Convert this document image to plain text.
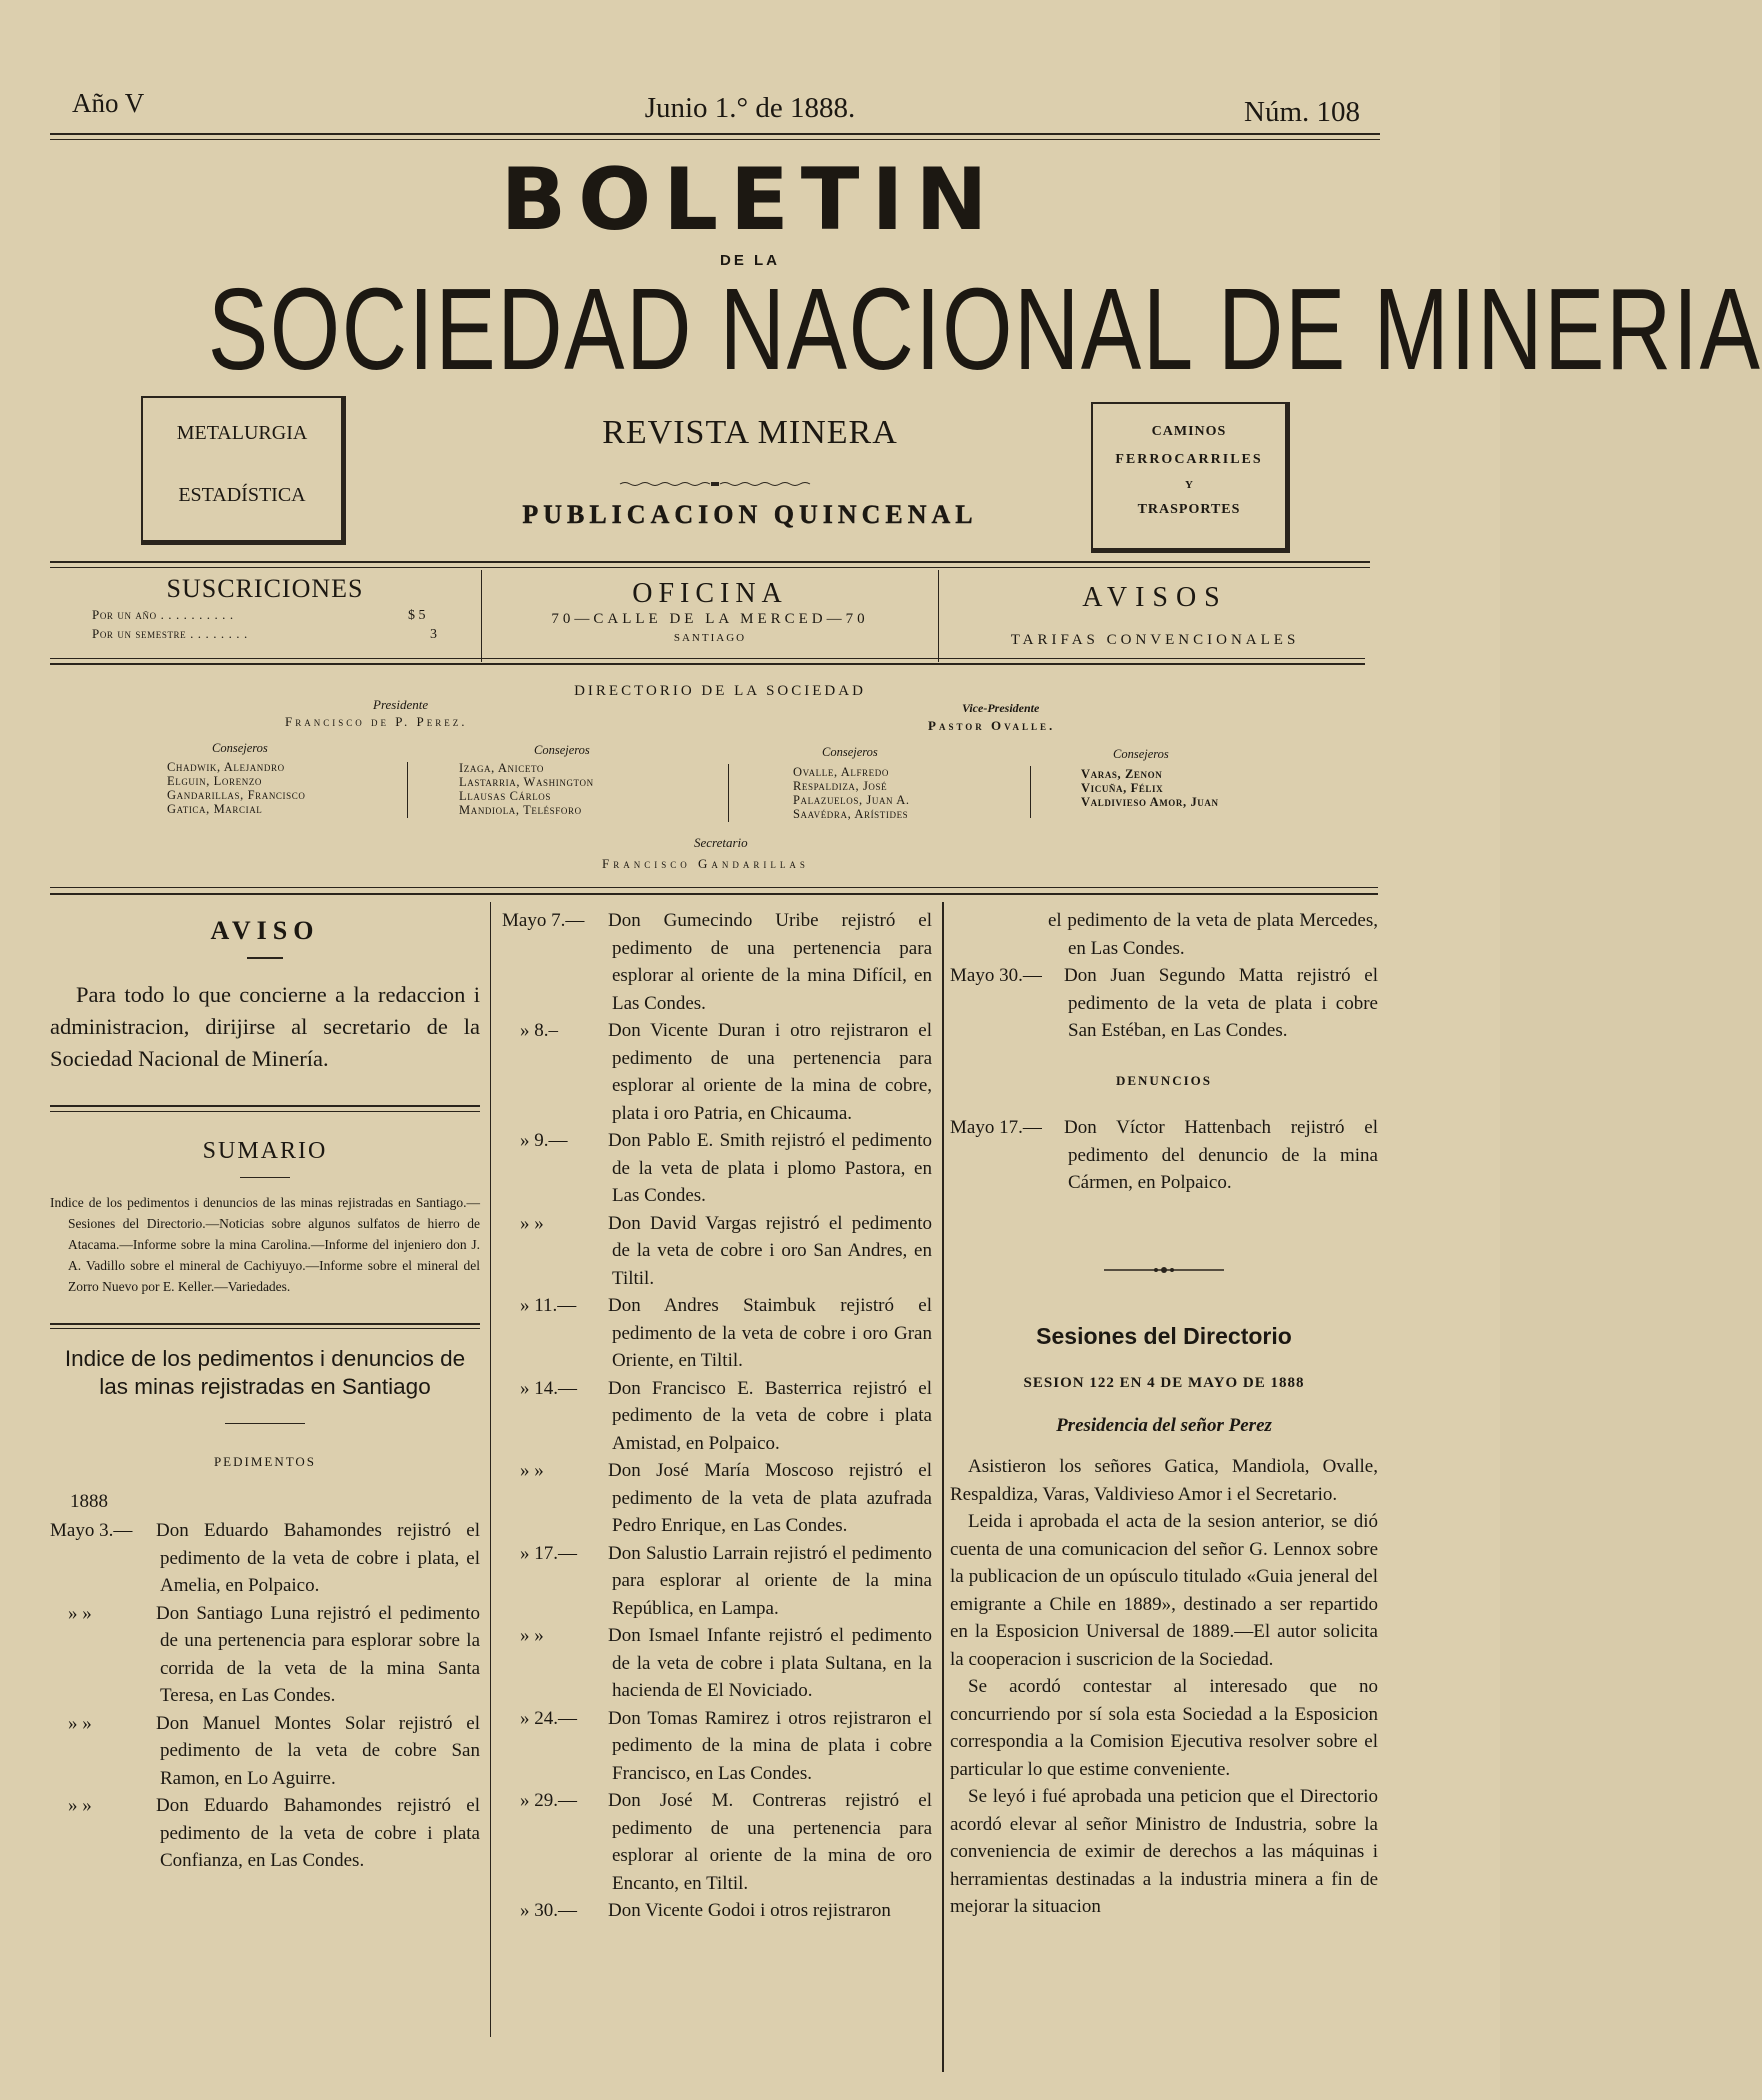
Año V	Junio 1.° de 1888.	Núm. 108
BOLETIN
DE LA
SOCIEDAD NACIONAL DE MINERIA
METALURGIA
ESTADÍSTICA
REVISTA MINERA
PUBLICACION QUINCENAL
CAMINOS
FERROCARRILES
Y
TRASPORTES
SUSCRICIONES
Por un año . . . . . . . . . .	$ 5
Por un semestre . . . . . . . .	3
OFICINA
70—CALLE DE LA MERCED—70
SANTIAGO
AVISOS
TARIFAS CONVENCIONALES
DIRECTORIO DE LA SOCIEDAD
Presidente
Francisco de P. Perez.
Vice-Presidente
Pastor Ovalle.
Consejeros
Chadwik, Alejandro
Elguin, Lorenzo
Gandarillas, Francisco
Gatica, Marcial
Consejeros
Izaga, Aniceto
Lastarria, Washington
Llausas Cárlos
Mandiola, Telésforo
Consejeros
Ovalle, Alfredo
Respaldiza, José
Palazuelos, Juan A.
Saavédra, Arístides
Consejeros
Varas, Zenon
Vicuña, Félix
Valdivieso Amor, Juan
Secretario
Francisco Gandarillas
AVISO

Para todo lo que concierne a la redaccion i administracion, dirijirse al secretario de la Sociedad Nacional de Minería.

SUMARIO

Indice de los pedimentos i denuncios de las minas rejistradas en Santiago.—Sesiones del Directorio.—Noticias sobre algunos sulfatos de hierro de Atacama.—Informe sobre la mina Carolina.—Informe del injeniero don J. A. Vadillo sobre el mineral de Cachiyuyo.—Informe sobre el mineral del Zorro Nuevo por E. Keller.—Variedades.

Indice de los pedimentos i denuncios de las minas rejistradas en Santiago
PEDIMENTOS
1888

Mayo 3.— Don Eduardo Bahamondes rejistró el pedimento de la veta de cobre i plata, el Amelia, en Polpaico.

» »	Don Santiago Luna rejistró el pedimento de una pertenencia para esplorar sobre la corrida de la veta de la mina Santa Teresa, en Las Condes.

» »	Don Manuel Montes Solar rejistró el pedimento de la veta de cobre San Ramon, en Lo Aguirre.

» »	Don Eduardo Bahamondes rejistró el pedimento de la veta de cobre i plata Confianza, en Las Condes.

Mayo 7.— Don Gumecindo Uribe rejistró el pedimento de una pertenencia para esplorar al oriente de la mina Difícil, en Las Condes.

» 8.–	Don Vicente Duran i otro rejistraron el pedimento de una pertenencia para esplorar al oriente de la mina de cobre, plata i oro Patria, en Chicauma.

» 9.— Don Pablo E. Smith rejistró el pedimento de la veta de plata i plomo Pastora, en Las Condes.

» »	Don David Vargas rejistró el pedimento de la veta de cobre i oro San Andres, en Tiltil.

» 11.— Don Andres Staimbuk rejistró el pedimento de la veta de cobre i oro Gran Oriente, en Tiltil.

» 14.— Don Francisco E. Basterrica rejistró el pedimento de la veta de cobre i plata Amistad, en Polpaico.

» »	Don José María Moscoso rejistró el pedimento de la veta de plata azufrada Pedro Enrique, en Las Condes.

» 17.— Don Salustio Larrain rejistró el pedimento para esplorar al oriente de la mina República, en Lampa.

» »	Don Ismael Infante rejistró el pedimento de la veta de cobre i plata Sultana, en la hacienda de El Noviciado.

» 24.— Don Tomas Ramirez i otros rejistraron el pedimento de la mina de plata i cobre Francisco, en Las Condes.

» 29.— Don José M. Contreras rejistró el pedimento de una pertenencia para esplorar al oriente de la mina de oro Encanto, en Tiltil.

» 30.— Don Vicente Godoi i otros rejistraron

el pedimento de la veta de plata Mercedes, en Las Condes.

Mayo 30.— Don Juan Segundo Matta rejistró el pedimento de la veta de plata i cobre San Estéban, en Las Condes.

DENUNCIOS

Mayo 17.— Don Víctor Hattenbach rejistró el pedimento del denuncio de la mina Cármen, en Polpaico.

Sesiones del Directorio
SESION 122 EN 4 DE MAYO DE 1888
Presidencia del señor Perez

Asistieron los señores Gatica, Mandiola, Ovalle, Respaldiza, Varas, Valdivieso Amor i el Secretario.

Leida i aprobada el acta de la sesion anterior, se dió cuenta de una comunicacion del señor G. Lennox sobre la publicacion de un opúsculo titulado «Guia jeneral del emigrante a Chile en 1889», destinado a ser repartido en la Esposicion Universal de 1889.—El autor solicita la cooperacion i suscricion de la Sociedad.

Se acordó contestar al interesado que no concurriendo por sí sola esta Sociedad a la Esposicion correspondia a la Comision Ejecutiva resolver sobre el particular lo que estime conveniente.

Se leyó i fué aprobada una peticion que el Directorio acordó elevar al señor Ministro de Industria, sobre la conveniencia de eximir de derechos a las máquinas i herramientas destinadas a la industria minera a fin de mejorar la situacion
